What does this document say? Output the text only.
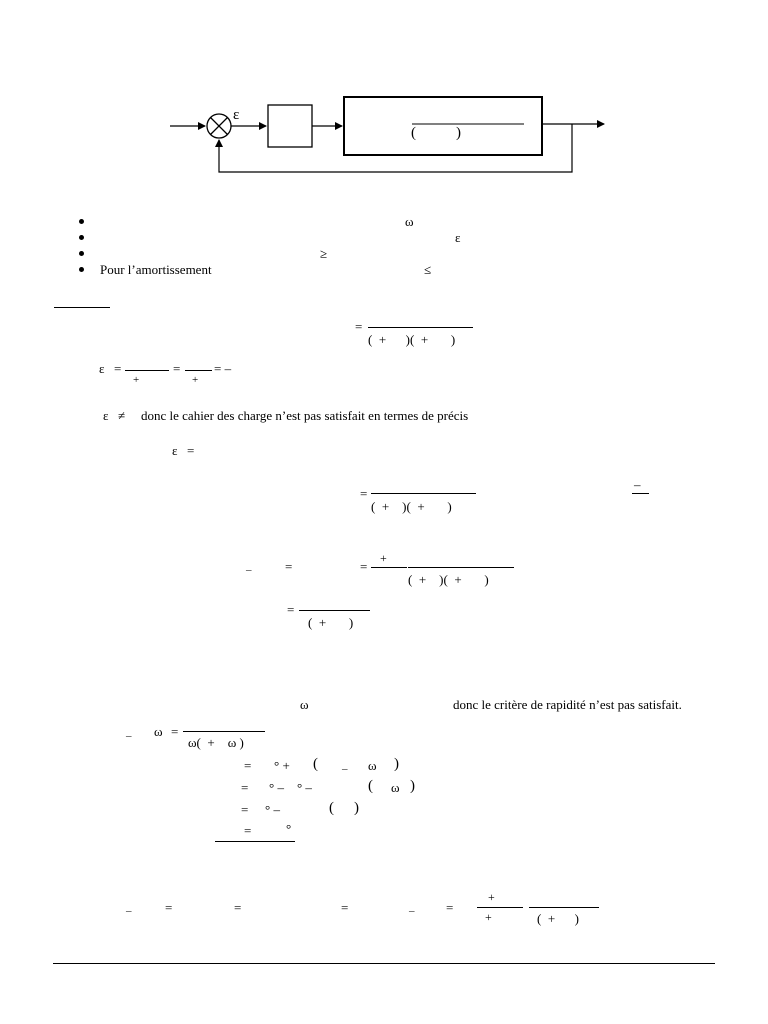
ε
(	)
ω
ε
≥
Pour l’amortissement	≤
=
(  +      )(  +       )
ε =
+
=
+
= –
ε ≠ donc le cahier des charge n’est pas satisfait en termes de précis
ε =
=
(  +    )(  +       )
–
–	=	=
+
(  +    )(  +       )
=
(  +       )
ω	donc le critère de rapidité n’est pas satisfait.
– ω =
ω(  +    ω )
= ° + ( – ω )
= ° –    ° –	( ω )
= ° –	( )
=	°
–	=	=	=	– =
+
+	(  +      )
